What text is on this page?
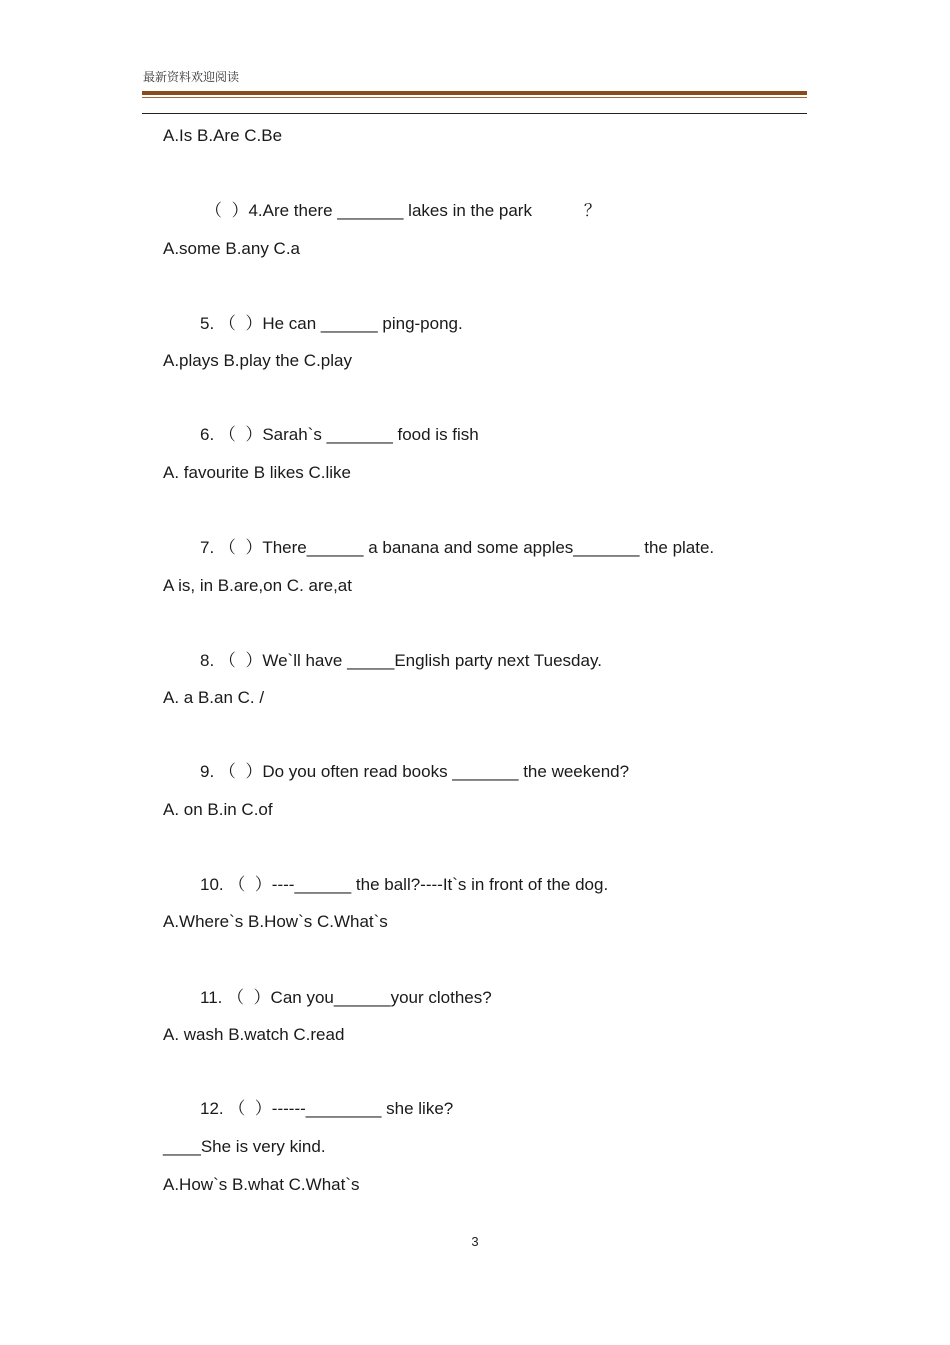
最新资料欢迎阅读
A.Is B.Are C.Be
（  ）4.Are there _______ lakes in the park           ？
A.some B.any C.a
5. （  ）He can ______ ping-pong.
A.plays B.play the C.play
6. （  ）Sarah`s _______ food is fish
A. favourite B likes C.like
7. （  ）There______ a banana and some apples_______ the plate.
A is, in B.are,on C. are,at
8. （  ）We`ll have _____English party next Tuesday.
A. a B.an C. /
9. （  ）Do you often read books _______ the weekend?
A. on B.in C.of
10. （  ）----______ the ball?----It`s in front of the dog.
A.Where`s B.How`s C.What`s
11. （  ）Can you______your clothes?
A. wash B.watch C.read
12. （  ）------________ she like?
____She is very kind.
A.How`s B.what C.What`s
3
